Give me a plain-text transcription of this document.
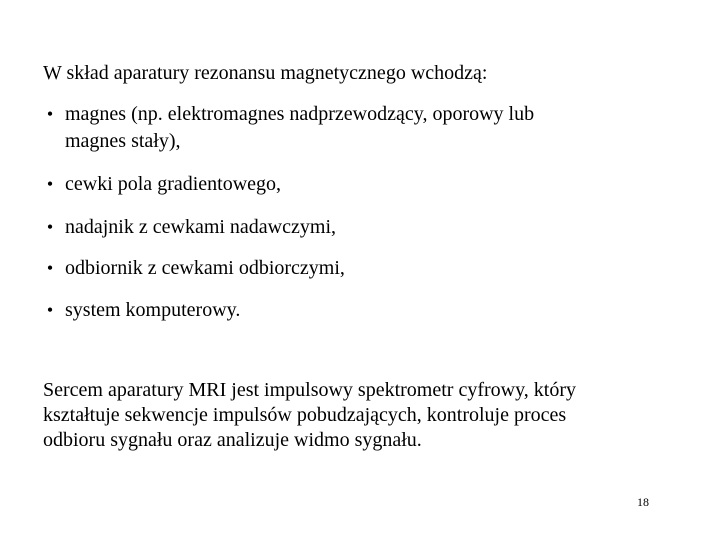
W skład aparatury rezonansu magnetycznego wchodzą:
• magnes (np. elektromagnes nadprzewodzący, oporowy lub
magnes stały),
• cewki pola gradientowego,
• nadajnik z cewkami nadawczymi,
• odbiornik z cewkami odbiorczymi,
• system komputerowy.
Sercem aparatury MRI jest impulsowy spektrometr cyfrowy, który
kształtuje sekwencje impulsów pobudzających, kontroluje proces
odbioru sygnału oraz analizuje widmo sygnału.
18
